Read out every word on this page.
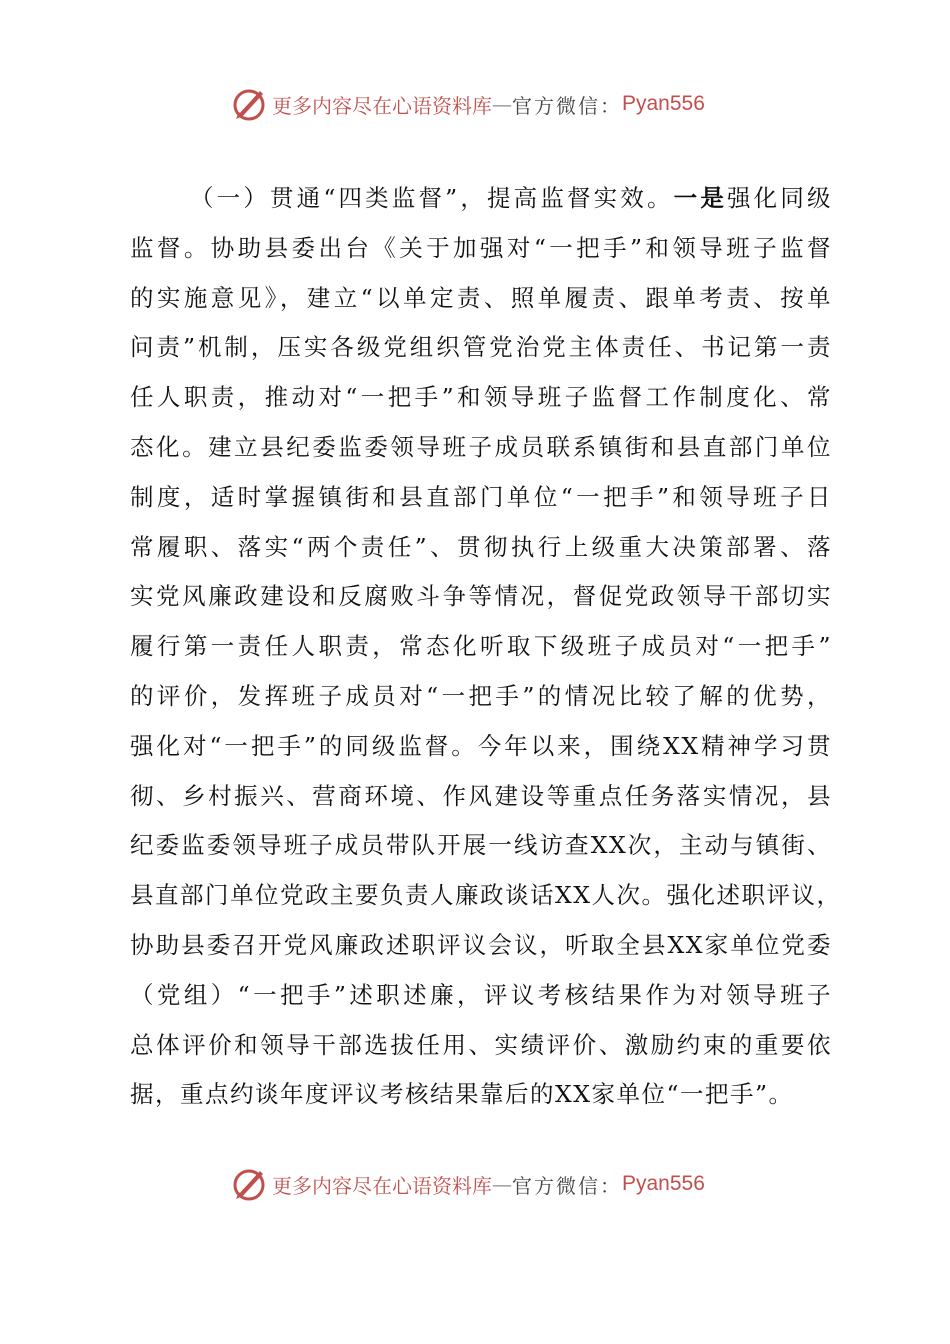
更多内容尽在心语资料库 — 官方微信： Pyan556
（一）贯通“四类监督”，提高监督实效。一是强化同级
监督。协助县委出台《关于加强对“一把手”和领导班子监督
的实施意见》，建立“以单定责、照单履责、跟单考责、按单
问责”机制，压实各级党组织管党治党主体责任、书记第一责
任人职责，推动对“一把手”和领导班子监督工作制度化、常
态化。建立县纪委监委领导班子成员联系镇街和县直部门单位
制度，适时掌握镇街和县直部门单位“一把手”和领导班子日
常履职、落实“两个责任”、贯彻执行上级重大决策部署、落
实党风廉政建设和反腐败斗争等情况，督促党政领导干部切实
履行第一责任人职责，常态化听取下级班子成员对“一把手”
的评价，发挥班子成员对“一把手”的情况比较了解的优势，
强化对“一把手”的同级监督。今年以来，围绕XX精神学习贯
彻、乡村振兴、营商环境、作风建设等重点任务落实情况，县
纪委监委领导班子成员带队开展一线访查XX次，主动与镇街、
县直部门单位党政主要负责人廉政谈话XX人次。强化述职评议，
协助县委召开党风廉政述职评议会议，听取全县XX家单位党委
（党组）“一把手”述职述廉，评议考核结果作为对领导班子
总体评价和领导干部选拔任用、实绩评价、激励约束的重要依
据，重点约谈年度评议考核结果靠后的XX家单位“一把手”。
更多内容尽在心语资料库 — 官方微信： Pyan556
